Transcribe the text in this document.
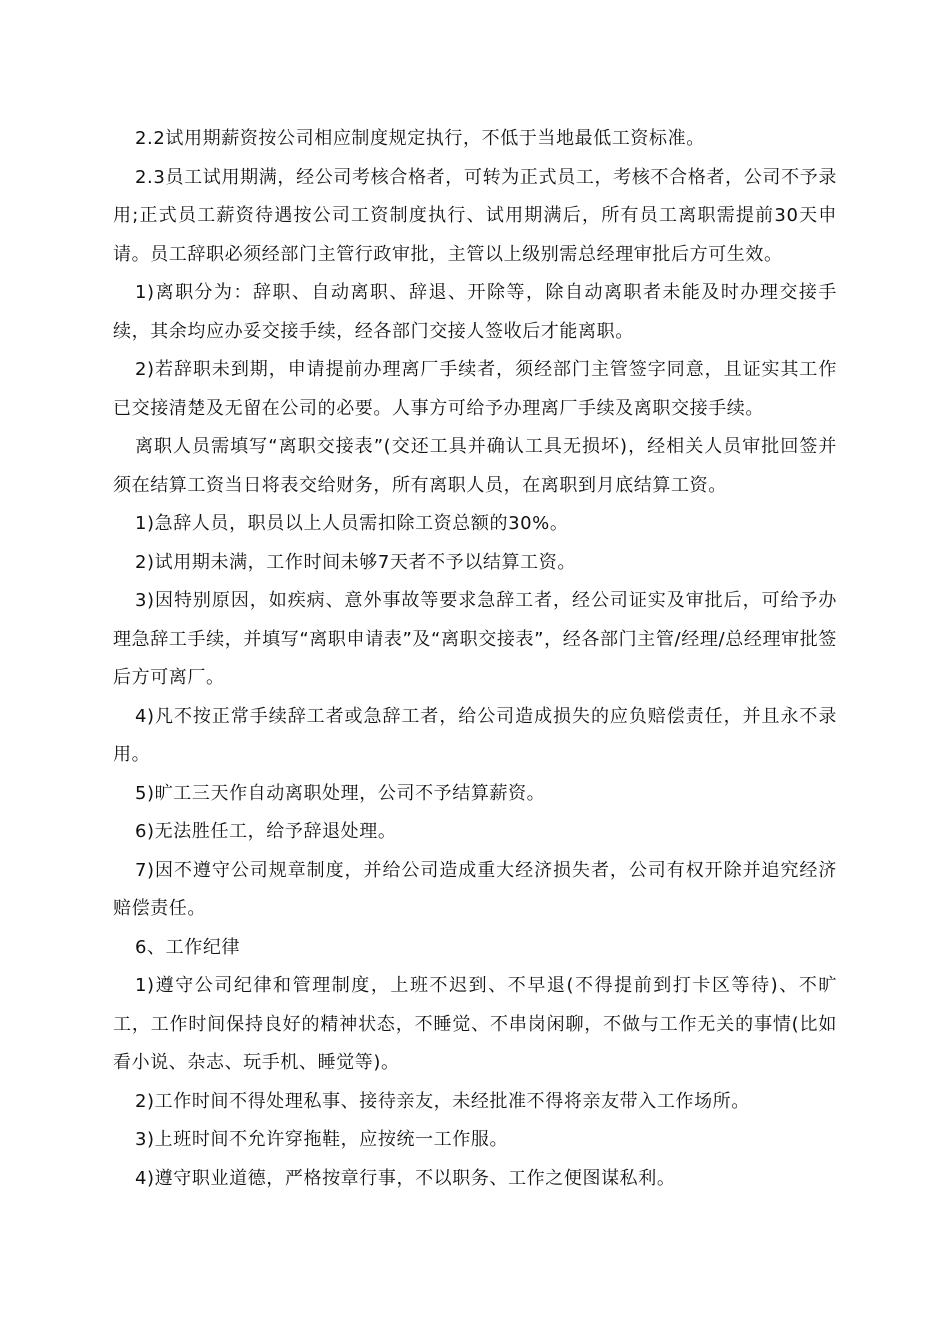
2.2试用期薪资按公司相应制度规定执行，不低于当地最低工资标准。

2.3员工试用期满，经公司考核合格者，可转为正式员工，考核不合格者，公司不予录用;正式员工薪资待遇按公司工资制度执行、试用期满后，所有员工离职需提前30天申请。员工辞职必须经部门主管行政审批，主管以上级别需总经理审批后方可生效。

1)离职分为：辞职、自动离职、辞退、开除等，除自动离职者未能及时办理交接手续，其余均应办妥交接手续，经各部门交接人签收后才能离职。

2)若辞职未到期，申请提前办理离厂手续者，须经部门主管签字同意，且证实其工作已交接清楚及无留在公司的必要。人事方可给予办理离厂手续及离职交接手续。

离职人员需填写“离职交接表”(交还工具并确认工具无损坏)，经相关人员审批回签并须在结算工资当日将表交给财务，所有离职人员，在离职到月底结算工资。

1)急辞人员，职员以上人员需扣除工资总额的30%。

2)试用期未满，工作时间未够7天者不予以结算工资。

3)因特别原因，如疾病、意外事故等要求急辞工者，经公司证实及审批后，可给予办理急辞工手续，并填写“离职申请表”及“离职交接表”，经各部门主管/经理/总经理审批签后方可离厂。

4)凡不按正常手续辞工者或急辞工者，给公司造成损失的应负赔偿责任，并且永不录用。

5)旷工三天作自动离职处理，公司不予结算薪资。

6)无法胜任工，给予辞退处理。

7)因不遵守公司规章制度，并给公司造成重大经济损失者，公司有权开除并追究经济赔偿责任。

6、工作纪律

1)遵守公司纪律和管理制度，上班不迟到、不早退(不得提前到打卡区等待)、不旷工，工作时间保持良好的精神状态，不睡觉、不串岗闲聊，不做与工作无关的事情(比如看小说、杂志、玩手机、睡觉等)。

2)工作时间不得处理私事、接待亲友，未经批准不得将亲友带入工作场所。

3)上班时间不允许穿拖鞋，应按统一工作服。

4)遵守职业道德，严格按章行事，不以职务、工作之便图谋私利。
